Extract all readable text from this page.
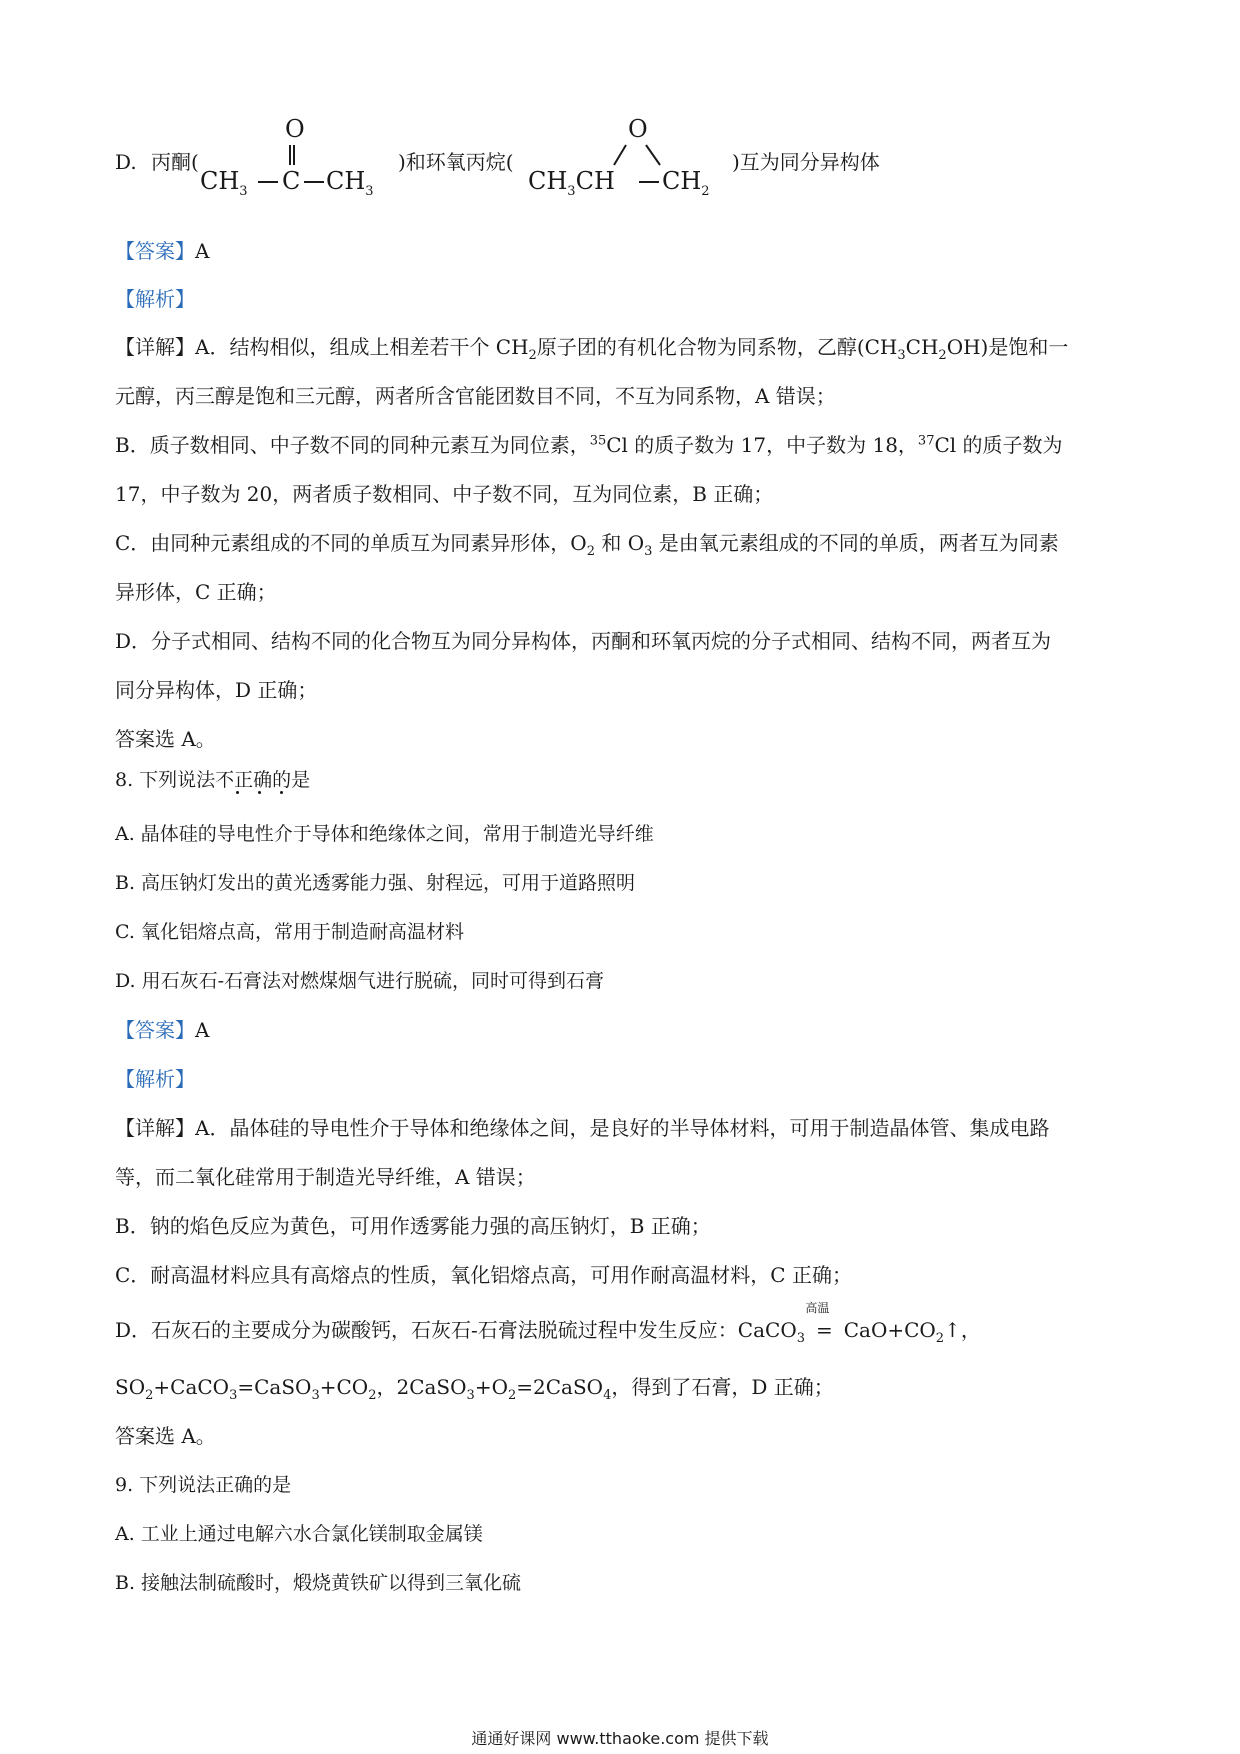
D. 丙酮(
O
$CH_3$ C $CH_3$
)和环氧丙烷(
O
$CH_3CH$ $CH_2$
)互为同分异构体
【答案】A
【解析】
【详解】A．结构相似，组成上相差若干个 $CH_2$原子团的有机化合物为同系物，乙醇$(CH_3CH_2OH)$是饱和一
元醇，丙三醇是饱和三元醇，两者所含官能团数目不同，不互为同系物，A 错误；
B．质子数相同、中子数不同的同种元素互为同位素，$^{35}$Cl 的质子数为 17，中子数为 18，$^{37}$Cl 的质子数为
17，中子数为 20，两者质子数相同、中子数不同，互为同位素，B 正确；
C．由同种元素组成的不同的单质互为同素异形体，$O_2$ 和 $O_3$ 是由氧元素组成的不同的单质，两者互为同素
异形体，C 正确；
D．分子式相同、结构不同的化合物互为同分异构体，丙酮和环氧丙烷的分子式相同、结构不同，两者互为
同分异构体，D 正确；
答案选 A。
8. 下列说法不正确的是
A. 晶体硅的导电性介于导体和绝缘体之间，常用于制造光导纤维
B. 高压钠灯发出的黄光透雾能力强、射程远，可用于道路照明
C. 氧化铝熔点高，常用于制造耐高温材料
D. 用石灰石-石膏法对燃煤烟气进行脱硫，同时可得到石膏
【答案】A
【解析】
【详解】A．晶体硅的导电性介于导体和绝缘体之间，是良好的半导体材料，可用于制造晶体管、集成电路
等，而二氧化硅常用于制造光导纤维，A 错误；
B．钠的焰色反应为黄色，可用作透雾能力强的高压钠灯，B 正确；
C．耐高温材料应具有高熔点的性质，氧化铝熔点高，可用作耐高温材料，C 正确；
D．石灰石的主要成分为碳酸钙，石灰石-石膏法脱硫过程中发生反应：CaCO$_3$
高温
= $CaO+CO_2↑$，
$SO_2+CaCO_3=CaSO_3+CO_2$，$2CaSO_3+O_2=2CaSO_4$，得到了石膏，D 正确；
答案选 A。
9. 下列说法正确的是
A. 工业上通过电解六水合氯化镁制取金属镁
B. 接触法制硫酸时，煅烧黄铁矿以得到三氧化硫
通通好课网 www.tthaoke.com 提供下载
